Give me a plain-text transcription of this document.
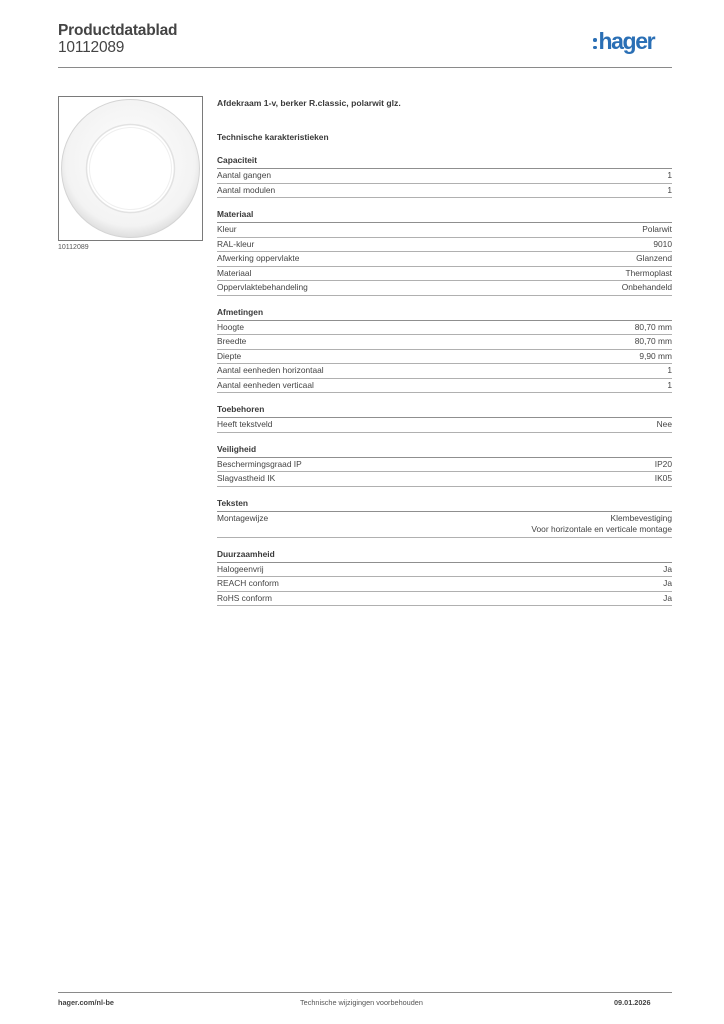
Productdatablad
10112089	hager
10112089
Afdekraam 1-v, berker R.classic, polarwit glz.
Technische karakteristieken
Capaciteit
Aantal gangen	1
Aantal modulen	1
Materiaal
Kleur	Polarwit
RAL-kleur	9010
Afwerking oppervlakte	Glanzend
Materiaal	Thermoplast
Oppervlaktebehandeling	Onbehandeld
Afmetingen
Hoogte	80,70 mm
Breedte	80,70 mm
Diepte	9,90 mm
Aantal eenheden horizontaal	1
Aantal eenheden verticaal	1
Toebehoren
Heeft tekstveld	Nee
Veiligheid
Beschermingsgraad IP	IP20
Slagvastheid IK	IK05
Teksten
Montagewijze	Klembevestiging
Voor horizontale en verticale montage
Duurzaamheid
Halogeenvrij	Ja
REACH conform	Ja
RoHS conform	Ja
hager.com/nl-be	Technische wijzigingen voorbehouden	09.01.2026
